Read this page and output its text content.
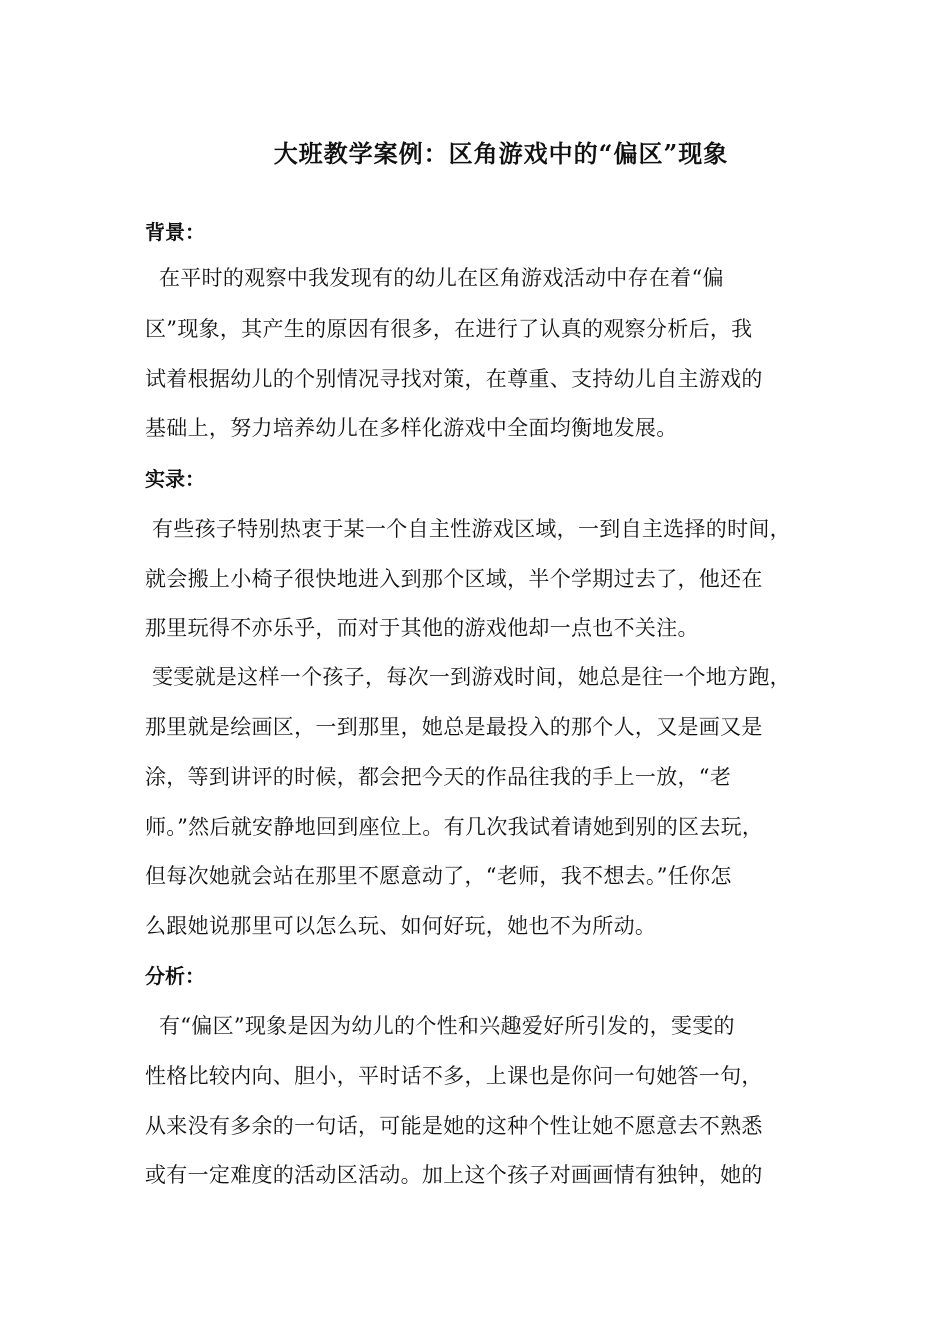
大班教学案例：区角游戏中的“偏区”现象
背景：
在平时的观察中我发现有的幼儿在区角游戏活动中存在着“偏
区”现象，其产生的原因有很多，在进行了认真的观察分析后，我
试着根据幼儿的个别情况寻找对策，在尊重、支持幼儿自主游戏的
基础上，努力培养幼儿在多样化游戏中全面均衡地发展。
实录：
有些孩子特别热衷于某一个自主性游戏区域，一到自主选择的时间，
就会搬上小椅子很快地进入到那个区域，半个学期过去了，他还在
那里玩得不亦乐乎，而对于其他的游戏他却一点也不关注。
雯雯就是这样一个孩子，每次一到游戏时间，她总是往一个地方跑，
那里就是绘画区，一到那里，她总是最投入的那个人，又是画又是
涂，等到讲评的时候，都会把今天的作品往我的手上一放，“老
师。”然后就安静地回到座位上。有几次我试着请她到别的区去玩，
但每次她就会站在那里不愿意动了，“老师，我不想去。”任你怎
么跟她说那里可以怎么玩、如何好玩，她也不为所动。
分析：
有“偏区”现象是因为幼儿的个性和兴趣爱好所引发的，雯雯的
性格比较内向、胆小，平时话不多，上课也是你问一句她答一句，
从来没有多余的一句话，可能是她的这种个性让她不愿意去不熟悉
或有一定难度的活动区活动。加上这个孩子对画画情有独钟，她的
